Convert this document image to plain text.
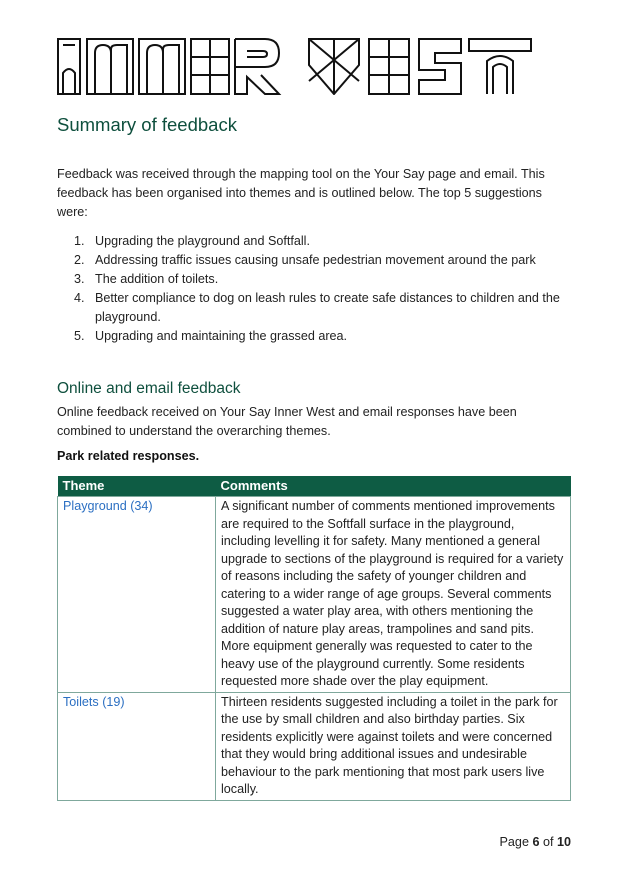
Summary of feedback

Feedback was received through the mapping tool on the Your Say page and email. This feedback has been organised into themes and is outlined below. The top 5 suggestions were:

1. Upgrading the playground and Softfall.
2. Addressing traffic issues causing unsafe pedestrian movement around the park
3. The addition of toilets.
4. Better compliance to dog on leash rules to create safe distances to children and the playground.
5. Upgrading and maintaining the grassed area.
Online and email feedback

Online feedback received on Your Say Inner West and email responses have been combined to understand the overarching themes.

Park related responses.

Theme	Comments
Playground (34)	A significant number of comments mentioned improvements are required to the Softfall surface in the playground, including levelling it for safety. Many mentioned a general upgrade to sections of the playground is required for a variety of reasons including the safety of younger children and catering to a wider range of age groups. Several comments suggested a water play area, with others mentioning the addition of nature play areas, trampolines and sand pits. More equipment generally was requested to cater to the heavy use of the playground currently. Some residents requested more shade over the play equipment.
Toilets (19)	Thirteen residents suggested including a toilet in the park for the use by small children and also birthday parties. Six residents explicitly were against toilets and were concerned that they would bring additional issues and undesirable behaviour to the park mentioning that most park users live locally.
Page 6 of 10
